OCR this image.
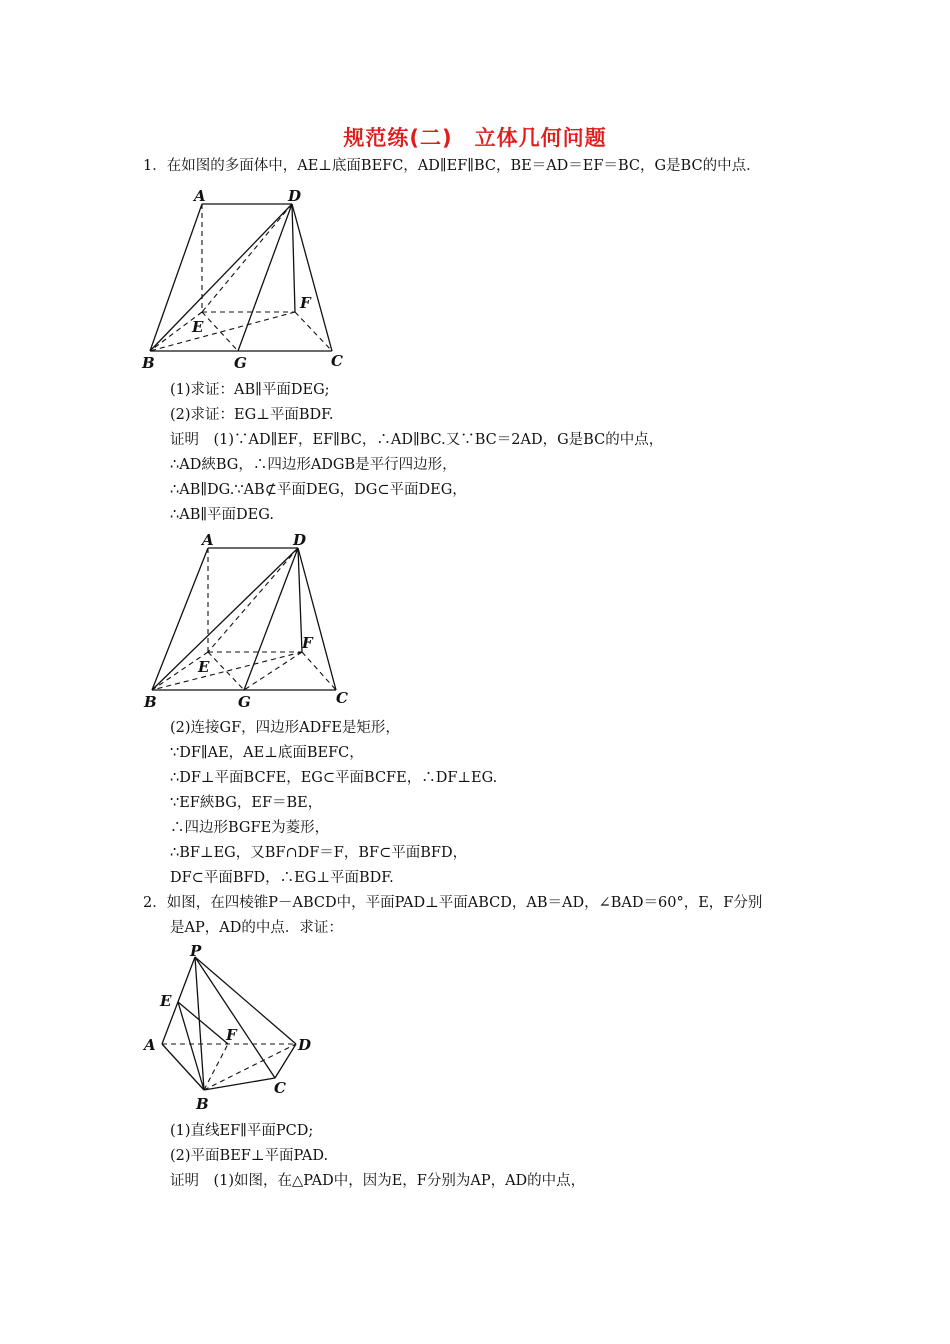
规范练(二)　立体几何问题
1．在如图的多面体中，AE⊥底面BEFC，AD∥EF∥BC，BE＝AD＝EF＝BC，G是BC的中点．
A	D
F
E
B	G	C
(1)求证：AB∥平面DEG;
(2)求证：EG⊥平面BDF.
证明　(1)∵AD∥EF，EF∥BC，∴AD∥BC.又∵BC＝2AD，G是BC的中点，
∴AD綊BG，∴四边形ADGB是平行四边形，
∴AB∥DG.∵AB⊄平面DEG，DG⊂平面DEG，
∴AB∥平面DEG.
A	D
F
E
B	G	C
(2)连接GF，四边形ADFE是矩形，
∵DF∥AE，AE⊥底面BEFC，
∴DF⊥平面BCFE，EG⊂平面BCFE，∴DF⊥EG.
∵EF綊BG，EF＝BE，
∴四边形BGFE为菱形，
∴BF⊥EG，又BF∩DF＝F，BF⊂平面BFD，
DF⊂平面BFD，∴EG⊥平面BDF.
2．如图，在四棱锥P－ABCD中，平面PAD⊥平面ABCD，AB＝AD，∠BAD＝60°，E，F分别
是AP，AD的中点．求证：
P
E
A
F
D
B
C
(1)直线EF∥平面PCD;
(2)平面BEF⊥平面PAD.
证明　(1)如图，在△PAD中，因为E，F分别为AP，AD的中点，
